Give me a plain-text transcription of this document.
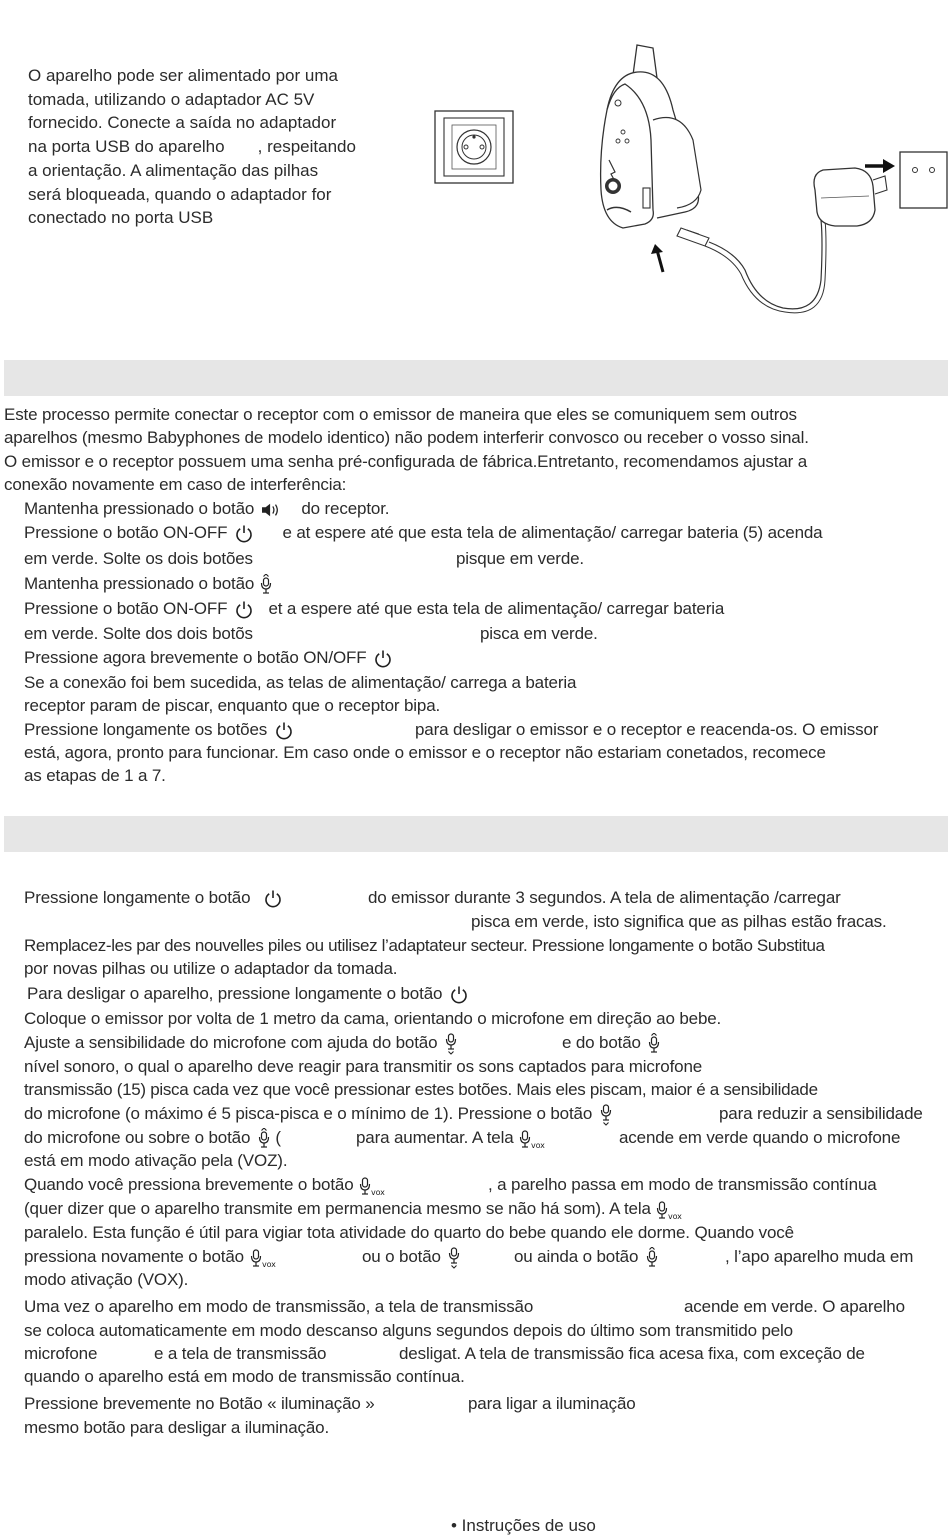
O aparelho pode ser alimentado por uma
tomada, utilizando o adaptador AC 5V
fornecido. Conecte a saída no adaptador
na porta USB do aparelho       , respeitando
a orientação. A alimentação das pilhas
será bloqueada, quando o adaptador for
conectado no porta USB
Este processo permite conectar o receptor com o emissor de maneira que eles se comuniquem sem outros
aparelhos (mesmo Babyphones de modelo identico) não podem interferir convosco ou receber o vosso sinal.
O emissor e o receptor possuem uma senha pré-configurada de fábrica.Entretanto, recomendamos ajustar a
conexão novamente em caso de interferência:
Mantenha pressionado o botão	do receptor.
Pressione o botão ON-OFF	e at espere até que esta tela de alimentação/ carregar bateria (5) acenda
em verde. Solte os dois botões	pisque em verde.
Mantenha pressionado o botão
Pressione o botão ON-OFF et a espere até que esta tela de alimentação/ carregar bateria
em verde. Solte dos dois botõs	pisca em verde.
Pressione agora brevemente o botão ON/OFF
Se a conexão foi bem sucedida, as telas de alimentação/ carrega a bateria
receptor param de piscar, enquanto que o receptor bipa.
Pressione longamente os botões	para desligar o emissor e o receptor e reacenda-os. O emissor
está, agora, pronto para funcionar. Em caso onde o emissor e o receptor não estariam conetados, recomece
as etapas de 1 a 7.
Pressione longamente o botão	do emissor durante 3 segundos. A tela de alimentação /carregar
pisca em verde, isto significa que as pilhas estão fracas.
Remplacez-les par des nouvelles piles ou utilisez l’adaptateur secteur. Pressione longamente o botão Substitua
por novas pilhas ou utilize o adaptador da tomada.
Para desligar o aparelho, pressione longamente o botão
Coloque o emissor por volta de 1 metro da cama, orientando o microfone em direção ao bebe.
Ajuste a sensibilidade do microfone com ajuda do botão	e do botão
nível sonoro, o qual o aparelho deve reagir para transmitir os sons captados para microfone
transmissão (15) pisca cada vez que você pressionar estes botões. Mais eles piscam, maior é a sensibilidade
do microfone (o máximo é 5 pisca-pisca e o mínimo de 1). Pressione o botão	para reduzir a sensibilidade
do microfone ou sobre o botão (	para aumentar. A tela vox	acende em verde quando o microfone
está em modo ativação pela (VOZ).
Quando você pressiona brevemente o botão vox	, a parelho passa em modo de transmissão contínua
(quer dizer que o aparelho transmite em permanencia mesmo se não há som). A tela vox
paralelo. Esta função é útil para vigiar tota atividade do quarto do bebe quando ele dorme. Quando você
pressiona novamente o botão vox	ou o botão	ou ainda o botão	, l’apo aparelho muda em
modo ativação (VOX).
Uma vez o aparelho em modo de transmissão, a tela de transmissão	acende em verde. O aparelho
se coloca automaticamente em modo descanso alguns segundos depois do último som transmitido pelo
microfone	e a tela de transmissão	desligat. A tela de transmissão fica acesa fixa, com exceção de
quando o aparelho está em modo de transmissão contínua.
Pressione brevemente no Botão « iluminação »	para ligar a iluminação
mesmo botão para desligar a iluminação.
• Instruções de uso
